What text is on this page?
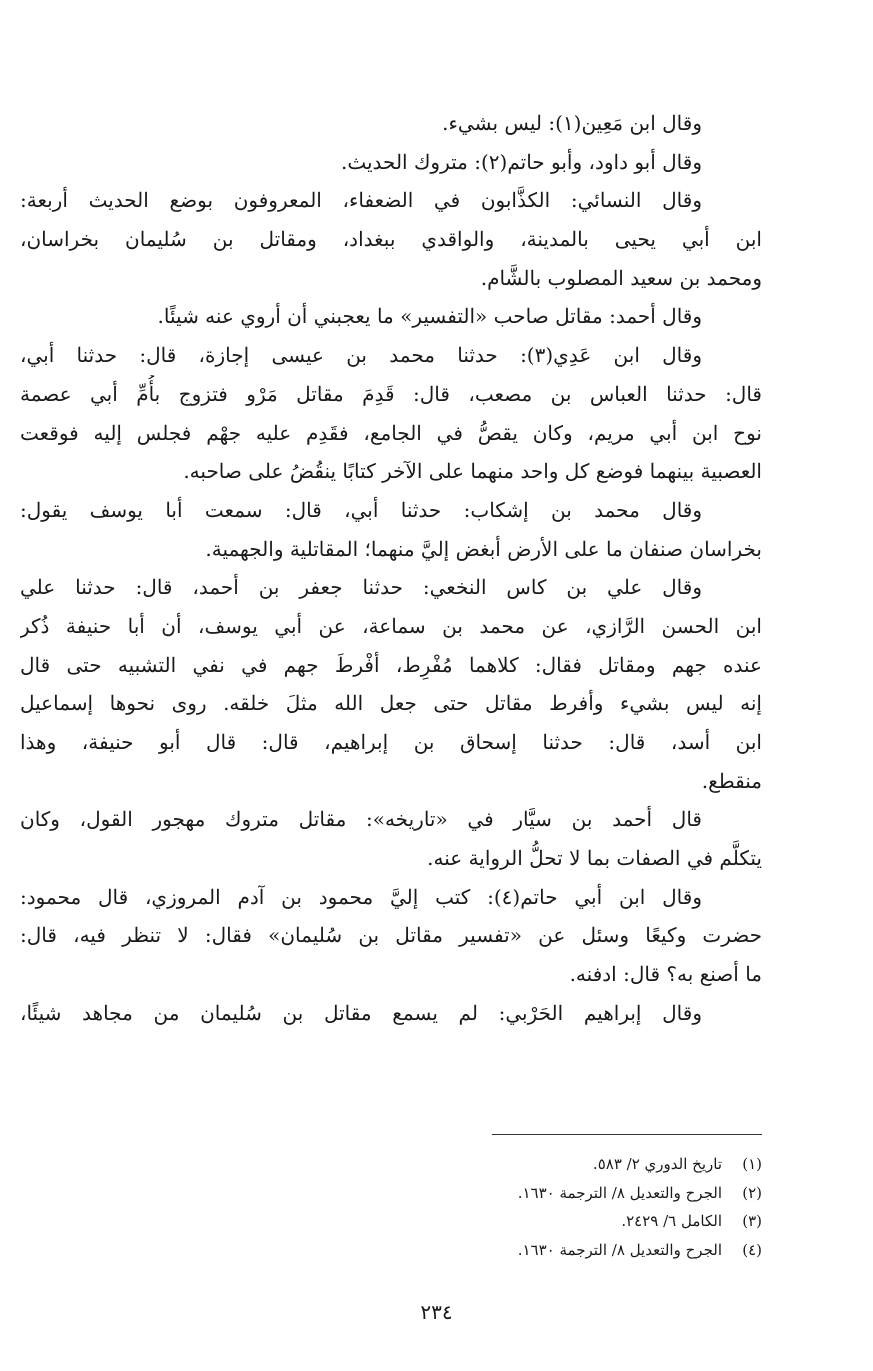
وقال ابن مَعِين(١): ليس بشيء.
وقال أبو داود، وأبو حاتم(٢): متروك الحديث.
وقال النسائي: الكذَّابون في الضعفاء، المعروفون بوضع الحديث أربعة:
ابن أبي يحيى بالمدينة، والواقدي ببغداد، ومقاتل بن سُليمان بخراسان،
ومحمد بن سعيد المصلوب بالشَّام.
وقال أحمد: مقاتل صاحب «التفسير» ما يعجبني أن أروي عنه شيئًا.
وقال ابن عَدِي(٣): حدثنا محمد بن عيسى إجازة، قال: حدثنا أبي،
قال: حدثنا العباس بن مصعب، قال: قَدِمَ مقاتل مَرْو فتزوج بأُمِّ أبي عصمة
نوح ابن أبي مريم، وكان يقصُّ في الجامع، فقَدِم عليه جهْم فجلس إليه فوقعت
العصبية بينهما فوضع كل واحد منهما على الآخر كتابًا ينقُضُ على صاحبه.
وقال محمد بن إشكاب: حدثنا أبي، قال: سمعت أبا يوسف يقول:
بخراسان صنفان ما على الأرض أبغض إليَّ منهما؛ المقاتلية والجهمية.
وقال علي بن كاس النخعي: حدثنا جعفر بن أحمد، قال: حدثنا علي
ابن الحسن الرَّازي، عن محمد بن سماعة، عن أبي يوسف، أن أبا حنيفة ذُكر
عنده جهم ومقاتل فقال: كلاهما مُفْرِط، أفْرطَ جهم في نفي التشبيه حتى قال
إنه ليس بشيء وأفرط مقاتل حتى جعل الله مثلَ خلقه. روى نحوها إسماعيل
ابن أسد، قال: حدثنا إسحاق بن إبراهيم، قال: قال أبو حنيفة، وهذا
منقطع.
قال أحمد بن سيَّار في «تاريخه»: مقاتل متروك مهجور القول، وكان
يتكلَّم في الصفات بما لا تحلُّ الرواية عنه.
وقال ابن أبي حاتم(٤): كتب إليَّ محمود بن آدم المروزي، قال محمود:
حضرت وكيعًا وسئل عن «تفسير مقاتل بن سُليمان» فقال: لا تنظر فيه، قال:
ما أصنع به؟ قال: ادفنه.
وقال إبراهيم الحَرْبي: لم يسمع مقاتل بن سُليمان من مجاهد شيئًا،
(١)تاريخ الدوري ٢/ ٥٨٣.
(٢)الجرح والتعديل ٨/ الترجمة ١٦٣٠.
(٣)الكامل ٦/ ٢٤٢٩.
(٤)الجرح والتعديل ٨/ الترجمة ١٦٣٠.
٢٣٤
